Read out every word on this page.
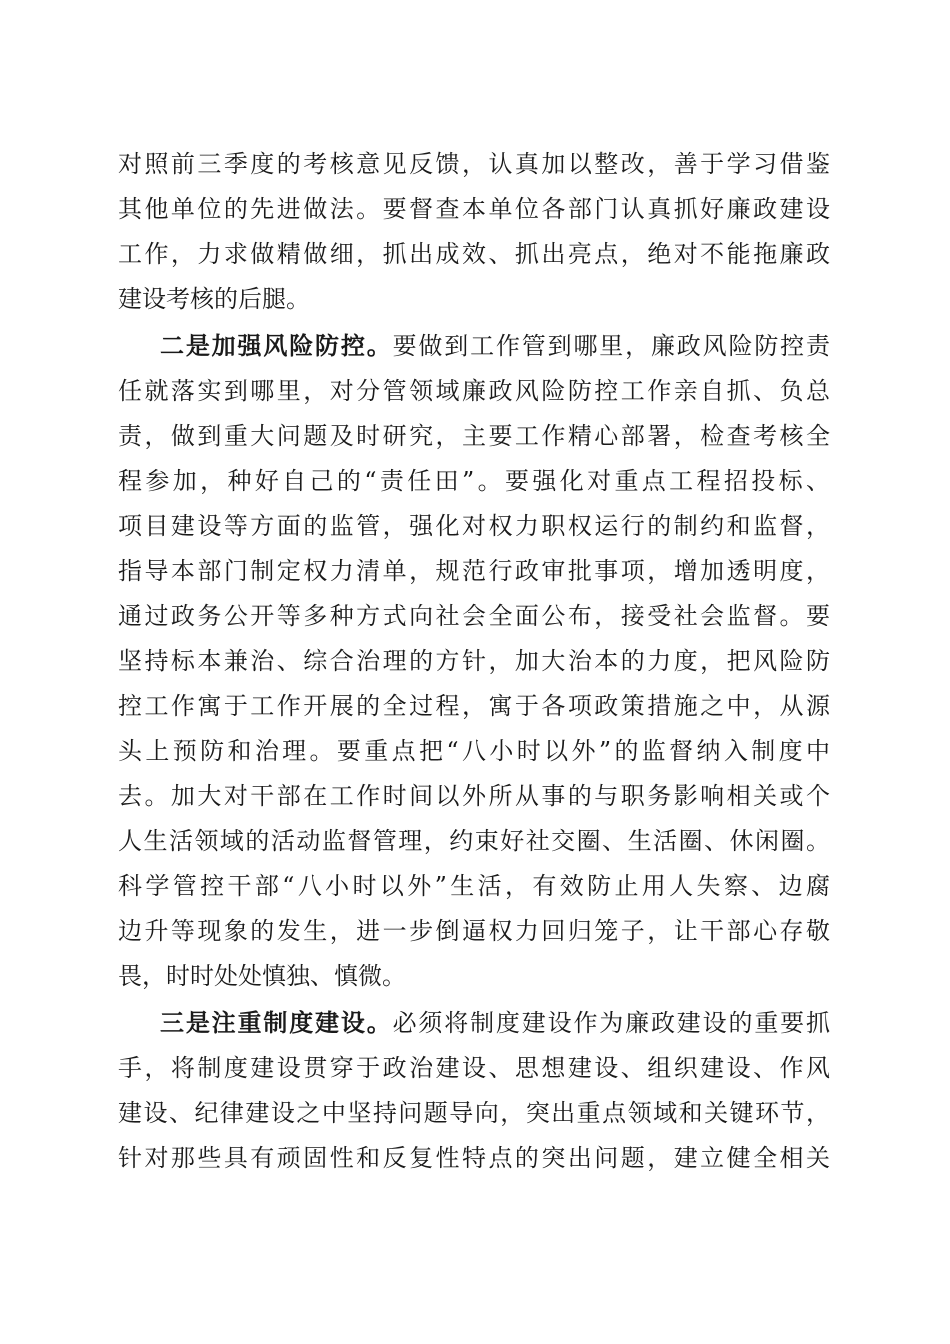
对照前三季度的考核意见反馈，认真加以整改，善于学习借鉴
其他单位的先进做法。要督查本单位各部门认真抓好廉政建设
工作，力求做精做细，抓出成效、抓出亮点，绝对不能拖廉政
建设考核的后腿。
二是加强风险防控。要做到工作管到哪里，廉政风险防控责
任就落实到哪里，对分管领域廉政风险防控工作亲自抓、负总
责，做到重大问题及时研究，主要工作精心部署，检查考核全
程参加，种好自己的“责任田”。要强化对重点工程招投标、
项目建设等方面的监管，强化对权力职权运行的制约和监督，
指导本部门制定权力清单，规范行政审批事项，增加透明度，
通过政务公开等多种方式向社会全面公布，接受社会监督。要
坚持标本兼治、综合治理的方针，加大治本的力度，把风险防
控工作寓于工作开展的全过程，寓于各项政策措施之中，从源
头上预防和治理。要重点把“八小时以外”的监督纳入制度中
去。加大对干部在工作时间以外所从事的与职务影响相关或个
人生活领域的活动监督管理，约束好社交圈、生活圈、休闲圈。
科学管控干部“八小时以外”生活，有效防止用人失察、边腐
边升等现象的发生，进一步倒逼权力回归笼子，让干部心存敬
畏，时时处处慎独、慎微。
三是注重制度建设。必须将制度建设作为廉政建设的重要抓
手，将制度建设贯穿于政治建设、思想建设、组织建设、作风
建设、纪律建设之中坚持问题导向，突出重点领域和关键环节，
针对那些具有顽固性和反复性特点的突出问题，建立健全相关
